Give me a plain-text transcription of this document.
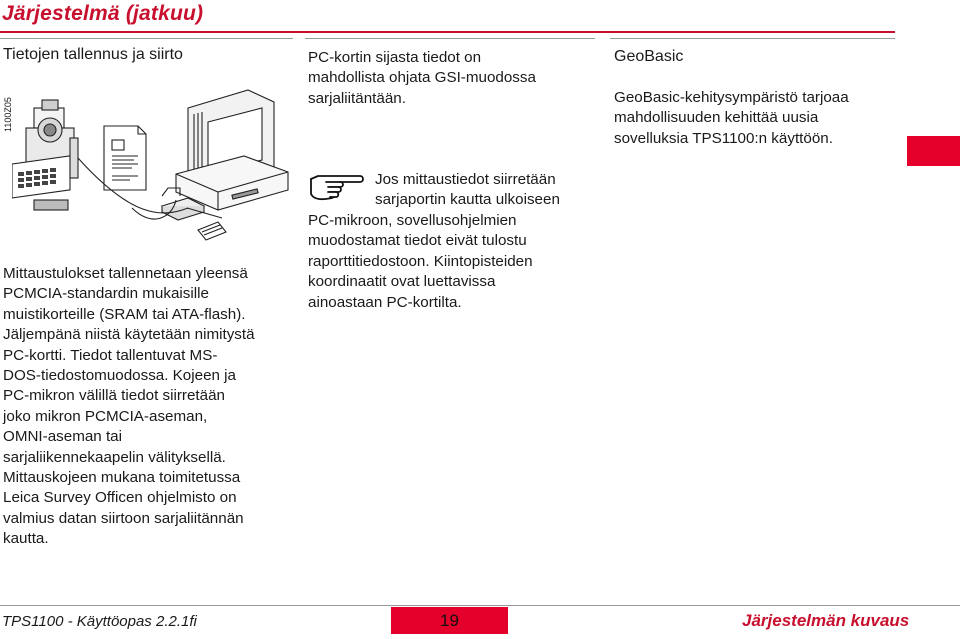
Järjestelmä (jatkuu)
Tietojen tallennus ja siirto
1100Z05
Mittaustulokset tallennetaan yleensä
PCMCIA-standardin mukaisille
muistikorteille (SRAM tai ATA-flash).
Jäljempänä niistä käytetään nimitystä
PC-kortti. Tiedot tallentuvat MS-
DOS-tiedostomuodossa. Kojeen ja
PC-mikron välillä tiedot siirretään
joko mikron PCMCIA-aseman,
OMNI-aseman tai
sarjaliikennekaapelin välityksellä.
Mittauskojeen mukana toimitetussa
Leica Survey Officen ohjelmisto on
valmius datan siirtoon sarjaliitännän
kautta.
PC-kortin sijasta tiedot on
mahdollista ohjata GSI-muodossa
sarjaliitäntään.
Jos mittaustiedot siirretään
sarjaportin kautta ulkoiseen
PC-mikroon, sovellusohjelmien
muodostamat tiedot eivät tulostu
raporttitiedostoon. Kiintopisteiden
koordinaatit ovat luettavissa
ainoastaan PC-kortilta.
GeoBasic
GeoBasic-kehitysympäristö tarjoaa
mahdollisuuden kehittää uusia
sovelluksia TPS1100:n käyttöön.
TPS1100 - Käyttöopas 2.2.1fi	19	Järjestelmän kuvaus
